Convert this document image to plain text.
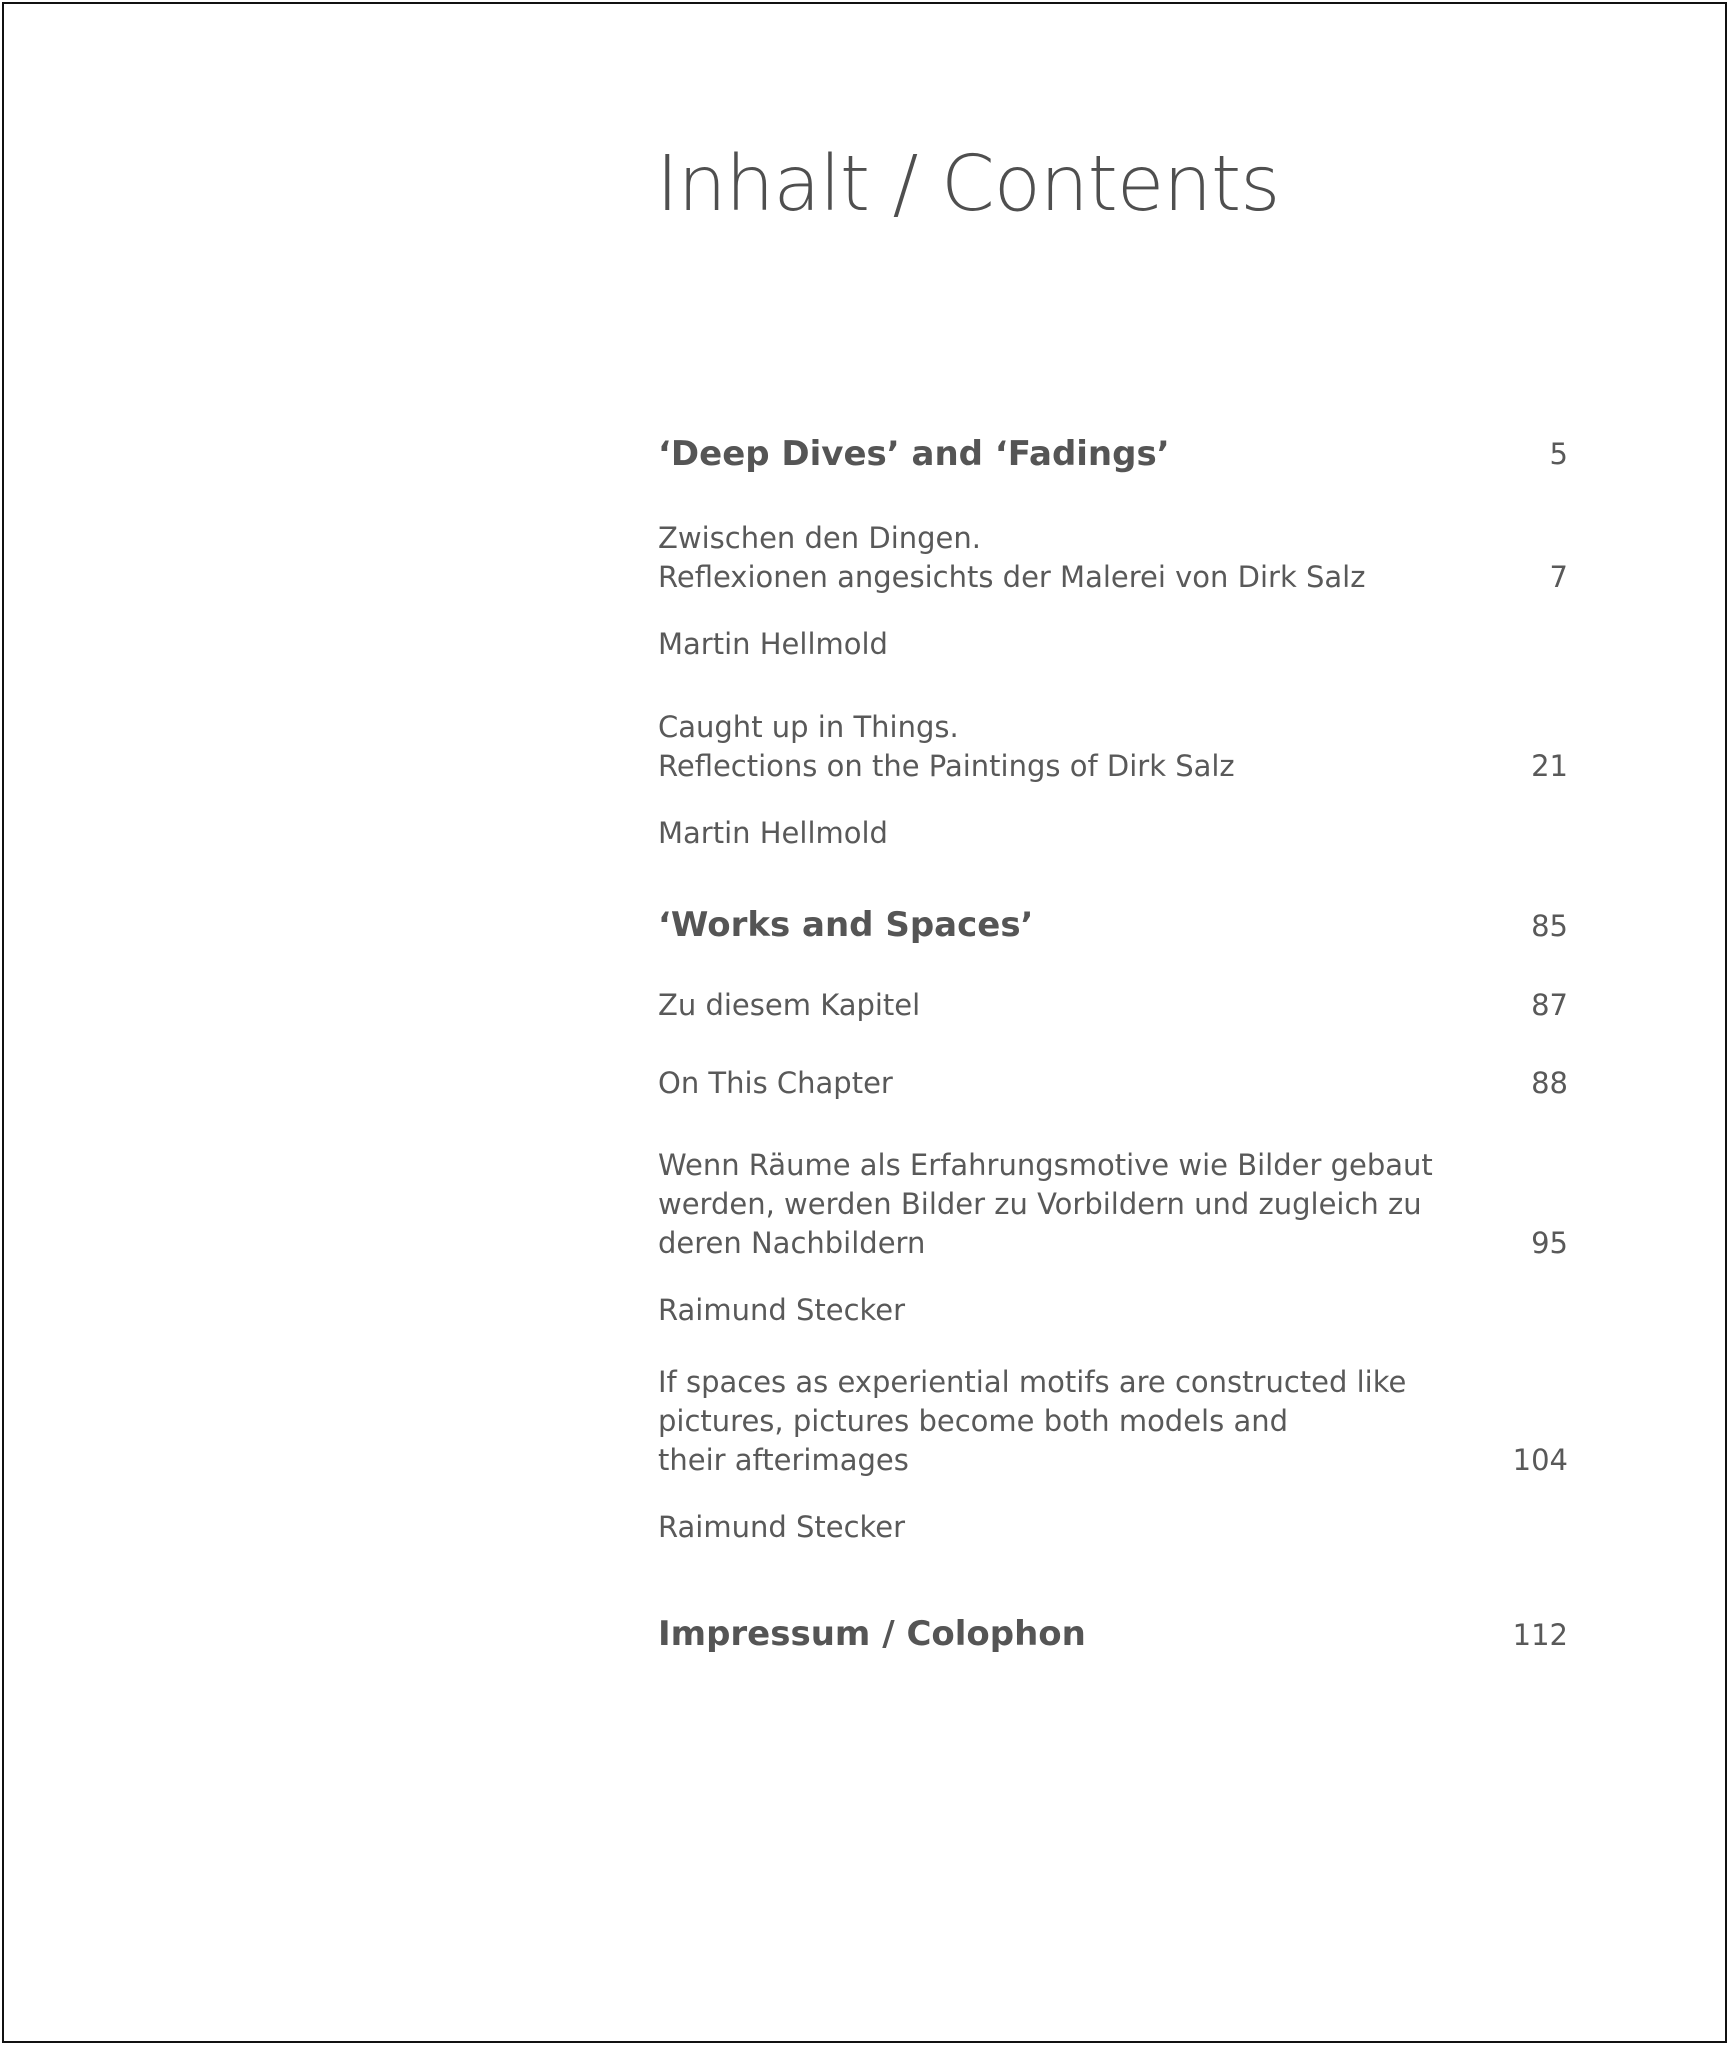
Inhalt / Contents

‘Deep Dives’ and ‘Fadings’	5

Zwischen den Dingen.

Reflexionen angesichts der Malerei von Dirk Salz	7

Martin Hellmold

Caught up in Things.

Reflections on the Paintings of Dirk Salz	21

Martin Hellmold

‘Works and Spaces’	85

Zu diesem Kapitel	87

On This Chapter	88

Wenn Räume als Erfahrungsmotive wie Bilder gebaut

werden, werden Bilder zu Vorbildern und zugleich zu

deren Nachbildern	95

Raimund Stecker

If spaces as experiential motifs are constructed like

pictures, pictures become both models and

their afterimages	104

Raimund Stecker

Impressum / Colophon	112
